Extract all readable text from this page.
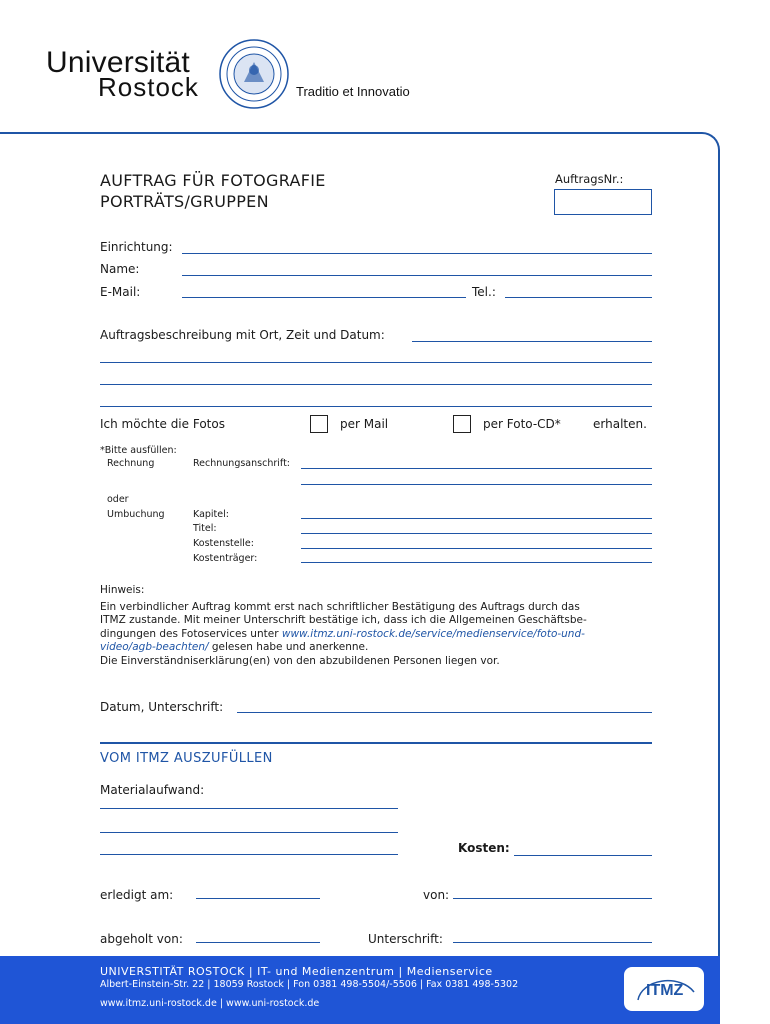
Universität
Rostock	Traditio et Innovatio
AUFTRAG FÜR FOTOGRAFIE
PORTRÄTS/GRUPPEN
AuftragsNr.:
Einrichtung:
Name:
E-Mail:	Tel.:
Auftragsbeschreibung mit Ort, Zeit und Datum:
Ich möchte die Fotos	per Mail	per Foto-CD*	erhalten.
*Bitte ausfüllen:
Rechnung	Rechnungsanschrift:
oder
Umbuchung	Kapitel:
Titel:
Kostenstelle:
Kostenträger:
Hinweis:
Ein verbindlicher Auftrag kommt erst nach schriftlicher Bestätigung des Auftrags durch das
ITMZ zustande. Mit meiner Unterschrift bestätige ich, dass ich die Allgemeinen Geschäftsbe-
dingungen des Fotoservices unter www.itmz.uni-rostock.de/service/medienservice/foto-und-
video/agb-beachten/ gelesen habe und anerkenne.
Die Einverständniserklärung(en) von den abzubildenen Personen liegen vor.
Datum, Unterschrift:
VOM ITMZ AUSZUFÜLLEN
Materialaufwand:
Kosten:
erledigt am:	von:
abgeholt von:	Unterschrift:
UNIVERSTITÄT ROSTOCK | IT- und Medienzentrum | Medienservice
Albert-Einstein-Str. 22 | 18059 Rostock | Fon 0381 498-5504/-5506 | Fax 0381 498-5302
www.itmz.uni-rostock.de | www.uni-rostock.de
ITMZ
